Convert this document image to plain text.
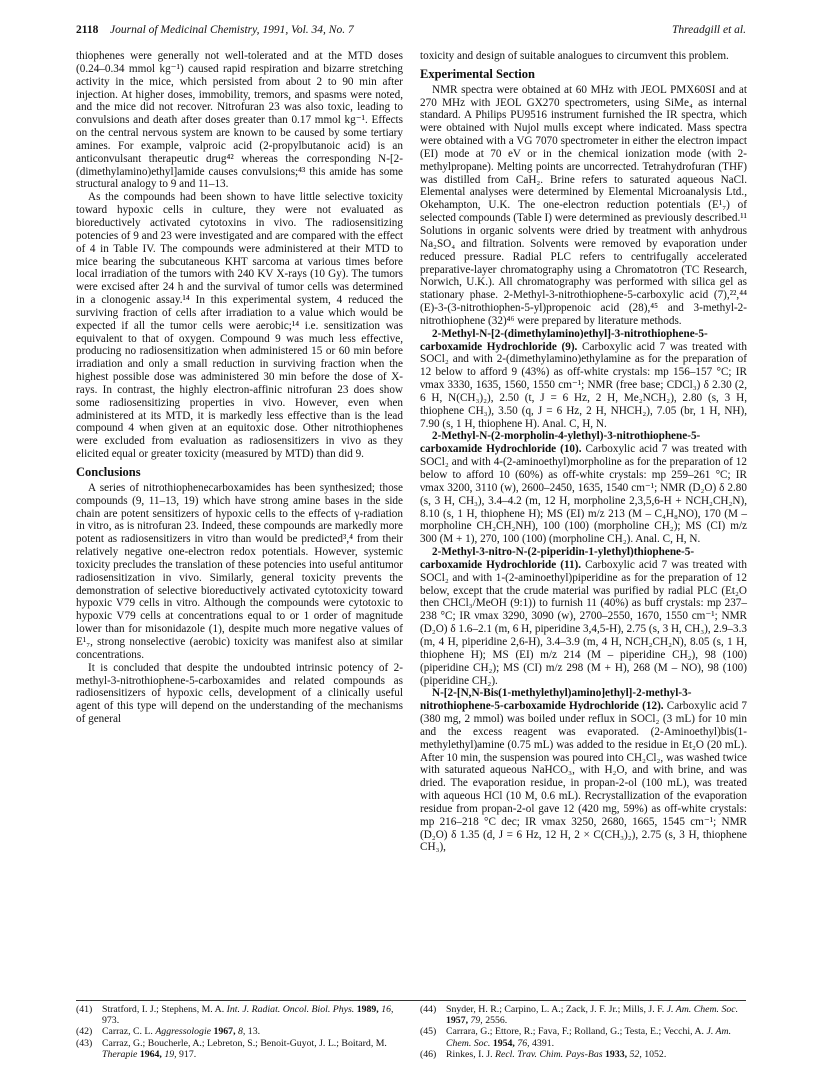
2118 Journal of Medicinal Chemistry, 1991, Vol. 34, No. 7	Threadgill et al.

thiophenes were generally not well-tolerated and at the MTD doses (0.24–0.34 mmol kg⁻¹) caused rapid respiration and bizarre stretching activity in the mice, which persisted from about 2 to 90 min after injection. At higher doses, immobility, tremors, and spasms were noted, and the mice did not recover. Nitrofuran 23 was also toxic, leading to convulsions and death after doses greater than 0.17 mmol kg⁻¹. Effects on the central nervous system are known to be caused by some tertiary amines. For example, valproic acid (2-propylbutanoic acid) is an anticonvulsant therapeutic drug⁴² whereas the corresponding N-[2-(dimethylamino)ethyl]amide causes convulsions;⁴³ this amide has some structural analogy to 9 and 11–13.

As the compounds had been shown to have little selective toxicity toward hypoxic cells in culture, they were not evaluated as bioreductively activated cytotoxins in vivo. The radiosensitizing potencies of 9 and 23 were investigated and are compared with the effect of 4 in Table IV. The compounds were administered at their MTD to mice bearing the subcutaneous KHT sarcoma at various times before local irradiation of the tumors with 240 KV X-rays (10 Gy). The tumors were excised after 24 h and the survival of tumor cells was determined in a clonogenic assay.¹⁴ In this experimental system, 4 reduced the surviving fraction of cells after irradiation to a value which would be expected if all the tumor cells were aerobic;¹⁴ i.e. sensitization was equivalent to that of oxygen. Compound 9 was much less effective, producing no radiosensitization when administered 15 or 60 min before irradiation and only a small reduction in surviving fraction when the highest possible dose was administered 30 min before the dose of X-rays. In contrast, the highly electron-affinic nitrofuran 23 does show some radiosensitizing properties in vivo. However, even when administered at its MTD, it is markedly less effective than is the lead compound 4 when given at an equitoxic dose. Other nitrothiophenes were excluded from evaluation as radiosensitizers in vivo as they elicited equal or greater toxicity (measured by MTD) than did 9.

Conclusions

A series of nitrothiophenecarboxamides has been synthesized; those compounds (9, 11–13, 19) which have strong amine bases in the side chain are potent sensitizers of hypoxic cells to the effects of γ-radiation in vitro, as is nitrofuran 23. Indeed, these compounds are markedly more potent as radiosensitizers in vitro than would be predicted³,⁴ from their relatively negative one-electron redox potentials. However, systemic toxicity precludes the translation of these potencies into useful antitumor radiosensitization in vivo. Similarly, general toxicity prevents the demonstration of selective bioreductively activated cytotoxicity toward hypoxic V79 cells in vitro. Although the compounds were cytotoxic to hypoxic V79 cells at concentrations equal to or 1 order of magnitude lower than for misonidazole (1), despite much more negative values of E¹₇, strong nonselective (aerobic) toxicity was manifest also at similar concentrations.

It is concluded that despite the undoubted intrinsic potency of 2-methyl-3-nitrothiophene-5-carboxamides and related compounds as radiosensitizers of hypoxic cells, development of a clinically useful agent of this type will depend on the understanding of the mechanisms of general

toxicity and design of suitable analogues to circumvent this problem.

Experimental Section

NMR spectra were obtained at 60 MHz with JEOL PMX60SI and at 270 MHz with JEOL GX270 spectrometers, using SiMe₄ as internal standard. A Philips PU9516 instrument furnished the IR spectra, which were obtained with Nujol mulls except where indicated. Mass spectra were obtained with a VG 7070 spectrometer in either the electron impact (EI) mode at 70 eV or in the chemical ionization mode (with 2-methylpropane). Melting points are uncorrected. Tetrahydrofuran (THF) was distilled from CaH₂. Brine refers to saturated aqueous NaCl. Elemental analyses were determined by Elemental Microanalysis Ltd., Okehampton, U.K. The one-electron reduction potentials (E¹₇) of selected compounds (Table I) were determined as previously described.¹¹ Solutions in organic solvents were dried by treatment with anhydrous Na₂SO₄ and filtration. Solvents were removed by evaporation under reduced pressure. Radial PLC refers to centrifugally accelerated preparative-layer chromatography using a Chromatotron (TC Research, Norwich, U.K.). All chromatography was performed with silica gel as stationary phase. 2-Methyl-3-nitrothiophene-5-carboxylic acid (7),²²,⁴⁴ (E)-3-(3-nitrothiophen-5-yl)propenoic acid (28),⁴⁵ and 3-methyl-2-nitrothiophene (32)⁴⁶ were prepared by literature methods.

2-Methyl-N-[2-(dimethylamino)ethyl]-3-nitrothiophene-5-carboxamide Hydrochloride (9). Carboxylic acid 7 was treated with SOCl₂ and with 2-(dimethylamino)ethylamine as for the preparation of 12 below to afford 9 (43%) as off-white crystals: mp 156–157 °C; IR νmax 3330, 1635, 1560, 1550 cm⁻¹; NMR (free base; CDCl₃) δ 2.30 (2, 6 H, N(CH₃)₂), 2.50 (t, J = 6 Hz, 2 H, Me₂NCH₂), 2.80 (s, 3 H, thiophene CH₃), 3.50 (q, J = 6 Hz, 2 H, NHCH₂), 7.05 (br, 1 H, NH), 7.90 (s, 1 H, thiophene H). Anal. C, H, N.

2-Methyl-N-(2-morpholin-4-ylethyl)-3-nitrothiophene-5-carboxamide Hydrochloride (10). Carboxylic acid 7 was treated with SOCl₂ and with 4-(2-aminoethyl)morpholine as for the preparation of 12 below to afford 10 (60%) as off-white crystals: mp 259–261 °C; IR νmax 3200, 3110 (w), 2600–2450, 1635, 1540 cm⁻¹; NMR (D₂O) δ 2.80 (s, 3 H, CH₃), 3.4–4.2 (m, 12 H, morpholine 2,3,5,6-H + NCH₂CH₂N), 8.10 (s, 1 H, thiophene H); MS (EI) m/z 213 (M – C₄H₈NO), 170 (M – morpholine CH₂CH₂NH), 100 (100) (morpholine CH₂); MS (CI) m/z 300 (M + 1), 270, 100 (100) (morpholine CH₂). Anal. C, H, N.

2-Methyl-3-nitro-N-(2-piperidin-1-ylethyl)thiophene-5-carboxamide Hydrochloride (11). Carboxylic acid 7 was treated with SOCl₂ and with 1-(2-aminoethyl)piperidine as for the preparation of 12 below, except that the crude material was purified by radial PLC (Et₂O then CHCl₃/MeOH (9:1)) to furnish 11 (40%) as buff crystals: mp 237–238 °C; IR νmax 3290, 3090 (w), 2700–2550, 1670, 1550 cm⁻¹; NMR (D₂O) δ 1.6–2.1 (m, 6 H, piperidine 3,4,5-H), 2.75 (s, 3 H, CH₃), 2.9–3.3 (m, 4 H, piperidine 2,6-H), 3.4–3.9 (m, 4 H, NCH₂CH₂N), 8.05 (s, 1 H, thiophene H); MS (EI) m/z 214 (M – piperidine CH₂), 98 (100) (piperidine CH₂); MS (CI) m/z 298 (M + H), 268 (M – NO), 98 (100) (piperidine CH₂).

N-[2-[N,N-Bis(1-methylethyl)amino]ethyl]-2-methyl-3-nitrothiophene-5-carboxamide Hydrochloride (12). Carboxylic acid 7 (380 mg, 2 mmol) was boiled under reflux in SOCl₂ (3 mL) for 10 min and the excess reagent was evaporated. (2-Aminoethyl)bis(1-methylethyl)amine (0.75 mL) was added to the residue in Et₂O (20 mL). After 10 min, the suspension was poured into CH₂Cl₂, was washed twice with saturated aqueous NaHCO₃, with H₂O, and with brine, and was dried. The evaporation residue, in propan-2-ol (100 mL), was treated with aqueous HCl (10 M, 0.6 mL). Recrystallization of the evaporation residue from propan-2-ol gave 12 (420 mg, 59%) as off-white crystals: mp 216–218 °C dec; IR νmax 3250, 2680, 1665, 1545 cm⁻¹; NMR (D₂O) δ 1.35 (d, J = 6 Hz, 12 H, 2 × C(CH₃)₂), 2.75 (s, 3 H, thiophene CH₃),

(41) Stratford, I. J.; Stephens, M. A. Int. J. Radiat. Oncol. Biol. Phys. 1989, 16, 973.

(42) Carraz, C. L. Aggressologie 1967, 8, 13.

(43) Carraz, G.; Boucherle, A.; Lebreton, S.; Benoit-Guyot, J. L.; Boitard, M. Therapie 1964, 19, 917.

(44) Snyder, H. R.; Carpino, L. A.; Zack, J. F. Jr.; Mills, J. F. J. Am. Chem. Soc. 1957, 79, 2556.

(45) Carrara, G.; Ettore, R.; Fava, F.; Rolland, G.; Testa, E.; Vecchi, A. J. Am. Chem. Soc. 1954, 76, 4391.

(46) Rinkes, I. J. Recl. Trav. Chim. Pays-Bas 1933, 52, 1052.
